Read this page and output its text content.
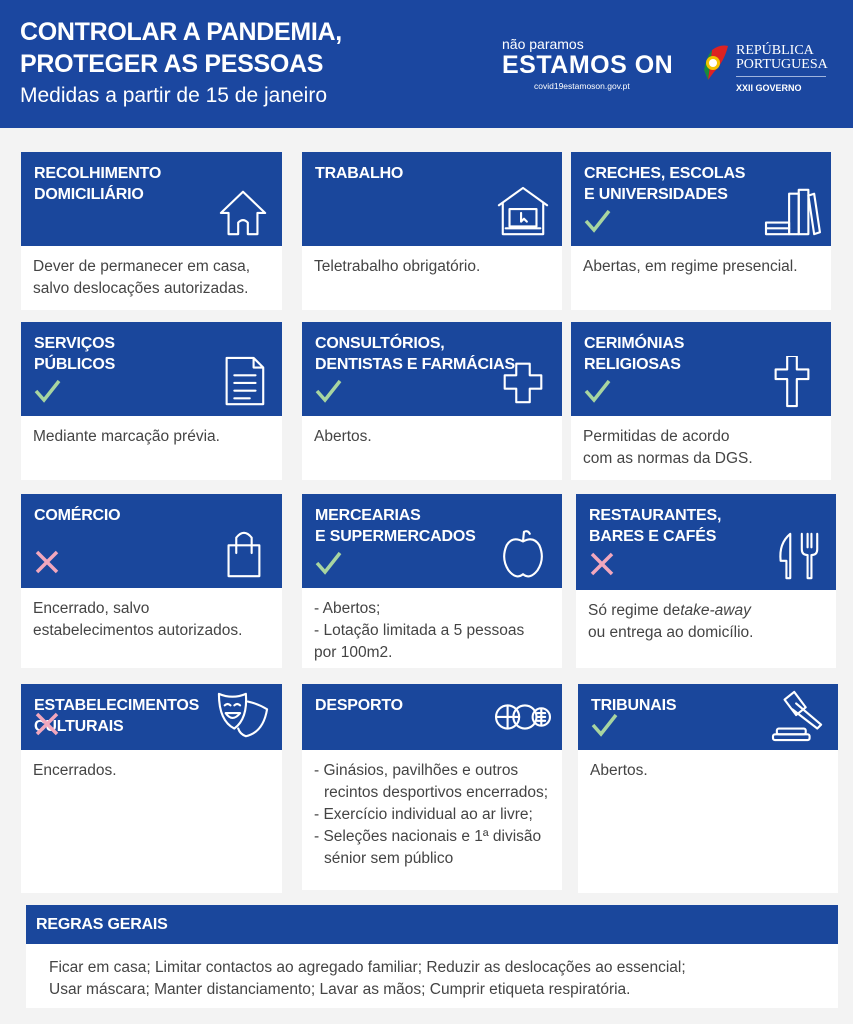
CONTROLAR A PANDEMIA,
PROTEGER AS PESSOAS
Medidas a partir de 15 de janeiro
não paramos
ESTAMOS ON
covid19estamoson.gov.pt
REPÚBLICA
PORTUGUESA
XXII GOVERNO
RECOLHIMENTO
DOMICILIÁRIO
Dever de permanecer em casa,
salvo deslocações autorizadas.
TRABALHO
Teletrabalho obrigatório.
CRECHES, ESCOLAS
E UNIVERSIDADES
Abertas, em regime presencial.
SERVIÇOS
PÚBLICOS
Mediante marcação prévia.
CONSULTÓRIOS,
DENTISTAS E FARMÁCIAS
Abertos.
CERIMÓNIAS
RELIGIOSAS
Permitidas de acordo
com as normas da DGS.
COMÉRCIO
Encerrado, salvo
estabelecimentos autorizados.
MERCEARIAS
E SUPERMERCADOS
- Abertos;
- Lotação limitada a 5 pessoas
por 100m2.
RESTAURANTES,
BARES E CAFÉS
Só regime detake-away
ou entrega ao domicílio.
ESTABELECIMENTOS
CULTURAIS
Encerrados.
DESPORTO
- Ginásios, pavilhões e outros
recintos desportivos encerrados;
- Exercício individual ao ar livre;
- Seleções nacionais e 1ª divisão
sénior sem público
TRIBUNAIS
Abertos.
REGRAS GERAIS
Ficar em casa; Limitar contactos ao agregado familiar; Reduzir as deslocações ao essencial;
Usar máscara; Manter distanciamento; Lavar as mãos; Cumprir etiqueta respiratória.
